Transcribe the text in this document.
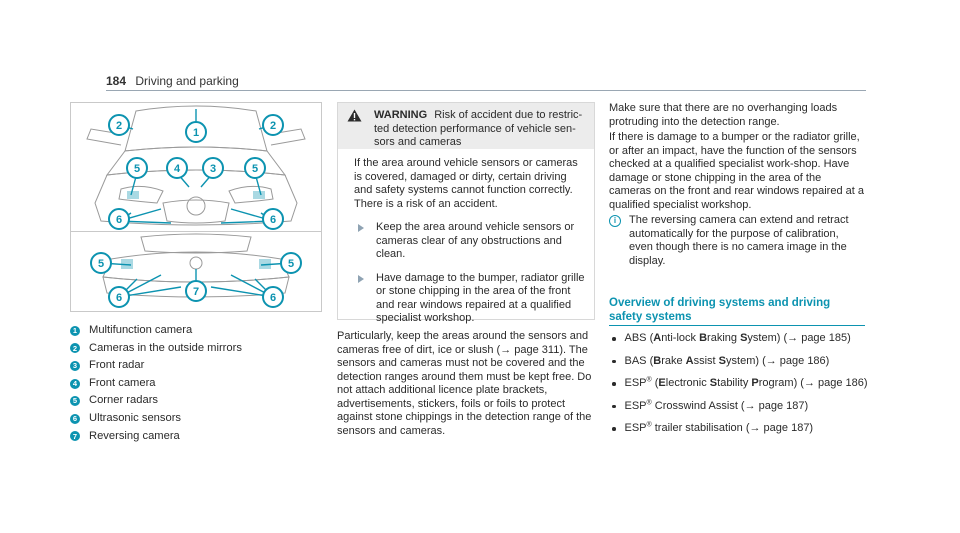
184 Driving and parking
2
1
2
5	4	3	5
6	6
5	5
7
6	6
1 Multifunction camera
2 Cameras in the outside mirrors
3 Front radar
4 Front camera
5 Corner radars
6 Ultrasonic sensors
7 Reversing camera
WARNING Risk of accident due to restric-ted detection performance of vehicle sen-sors and cameras

If the area around vehicle sensors or cameras is covered, damaged or dirty, certain driving and safety systems cannot function correctly. There is a risk of an accident.

Keep the area around vehicle sensors or cameras clear of any obstructions and clean.
Have damage to the bumper, radiator grille or stone chipping in the area of the front and rear windows repaired at a qualified specialist workshop.

Particularly, keep the areas around the sensors and cameras free of dirt, ice or slush (→ page 311). The sensors and cameras must not be covered and the detection ranges around them must be kept free. Do not attach additional licence plate brackets, advertisements, stickers, foils or foils to protect against stone chippings in the detection range of the sensors and cameras.

Make sure that there are no overhanging loads protruding into the detection range.

If there is damage to a bumper or the radiator grille, or after an impact, have the function of the sensors checked at a qualified specialist work-shop. Have damage or stone chipping in the area of the cameras on the front and rear windows repaired at a qualified specialist workshop.

i	The reversing camera can extend and retract automatically for the purpose of calibration, even though there is no camera image in the display.
Overview of driving systems and driving safety systems
ABS (Anti-lock Braking System) (→ page 185)
BAS (Brake Assist System) (→ page 186)
ESP® (Electronic Stability Program) (→ page 186)
ESP® Crosswind Assist (→ page 187)
ESP® trailer stabilisation (→ page 187)
